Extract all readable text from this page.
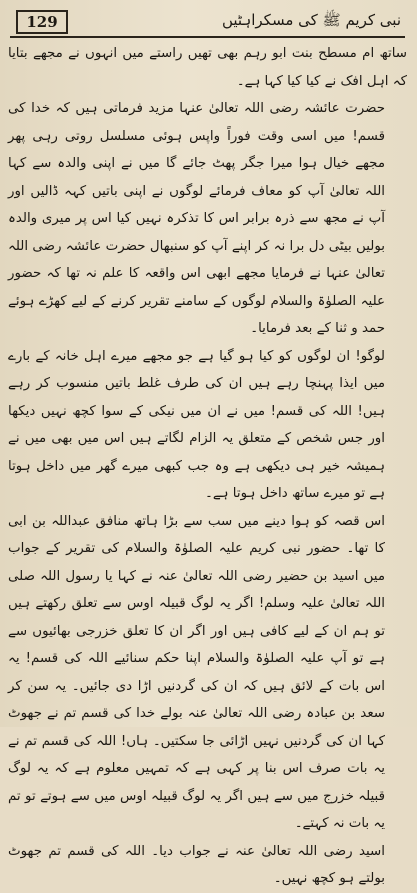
129	نبی کریم ﷺ کی مسکراہٹیں

ساتھ ام مسطح بنت ابو رہم بھی تھیں راستے میں انہوں نے مجھے بتایا کہ اہل افک نے کیا کیا کہا ہے۔

حضرت عائشہ رضی اللہ تعالیٰ عنہا مزید فرماتی ہیں کہ خدا کی قسم! میں اسی وقت فوراً واپس ہوئی مسلسل روتی رہی پھر مجھے خیال ہوا میرا جگر پھٹ جائے گا میں نے اپنی والدہ سے کہا اللہ تعالیٰ آپ کو معاف فرمائے لوگوں نے اپنی باتیں کہہ ڈالیں اور آپ نے مجھ سے ذرہ برابر اس کا تذکرہ نہیں کیا اس پر میری والدہ بولیں بیٹی دل برا نہ کر اپنے آپ کو سنبھال حضرت عائشہ رضی اللہ تعالیٰ عنہا نے فرمایا مجھے ابھی اس واقعہ کا علم نہ تھا کہ حضور علیہ الصلوٰۃ والسلام لوگوں کے سامنے تقریر کرنے کے لیے کھڑے ہوئے حمد و ثنا کے بعد فرمایا۔

لوگو! ان لوگوں کو کیا ہو گیا ہے جو مجھے میرے اہل خانہ کے بارے میں ایذا پہنچا رہے ہیں ان کی طرف غلط باتیں منسوب کر رہے ہیں! اللہ کی قسم! میں نے ان میں نیکی کے سوا کچھ نہیں دیکھا اور جس شخص کے متعلق یہ الزام لگاتے ہیں اس میں بھی میں نے ہمیشہ خیر ہی دیکھی ہے وہ جب کبھی میرے گھر میں داخل ہوتا ہے تو میرے ساتھ داخل ہوتا ہے۔

اس قصہ کو ہوا دینے میں سب سے بڑا ہاتھ منافق عبداللہ بن ابی کا تھا۔ حضور نبی کریم علیہ الصلوٰۃ والسلام کی تقریر کے جواب میں اسید بن حضیر رضی اللہ تعالیٰ عنہ نے کہا یا رسول اللہ صلی اللہ تعالیٰ علیہ وسلم! اگر یہ لوگ قبیلہ اوس سے تعلق رکھتے ہیں تو ہم ان کے لیے کافی ہیں اور اگر ان کا تعلق خزرجی بھائیوں سے ہے تو آپ علیہ الصلوٰۃ والسلام اپنا حکم سنائیے اللہ کی قسم! یہ اس بات کے لائق ہیں کہ ان کی گردنیں اڑا دی جائیں۔ یہ سن کر سعد بن عبادہ رضی اللہ تعالیٰ عنہ بولے خدا کی قسم تم نے جھوٹ کہا ان کی گردنیں نہیں اڑائی جا سکتیں۔ ہاں! اللہ کی قسم تم نے یہ بات صرف اس بنا پر کہی ہے کہ تمہیں معلوم ہے کہ یہ لوگ قبیلہ خزرج میں سے ہیں اگر یہ لوگ قبیلہ اوس میں سے ہوتے تو تم یہ بات نہ کہتے۔

اسید رضی اللہ تعالیٰ عنہ نے جواب دیا۔ اللہ کی قسم تم جھوٹ بولتے ہو کچھ نہیں۔
